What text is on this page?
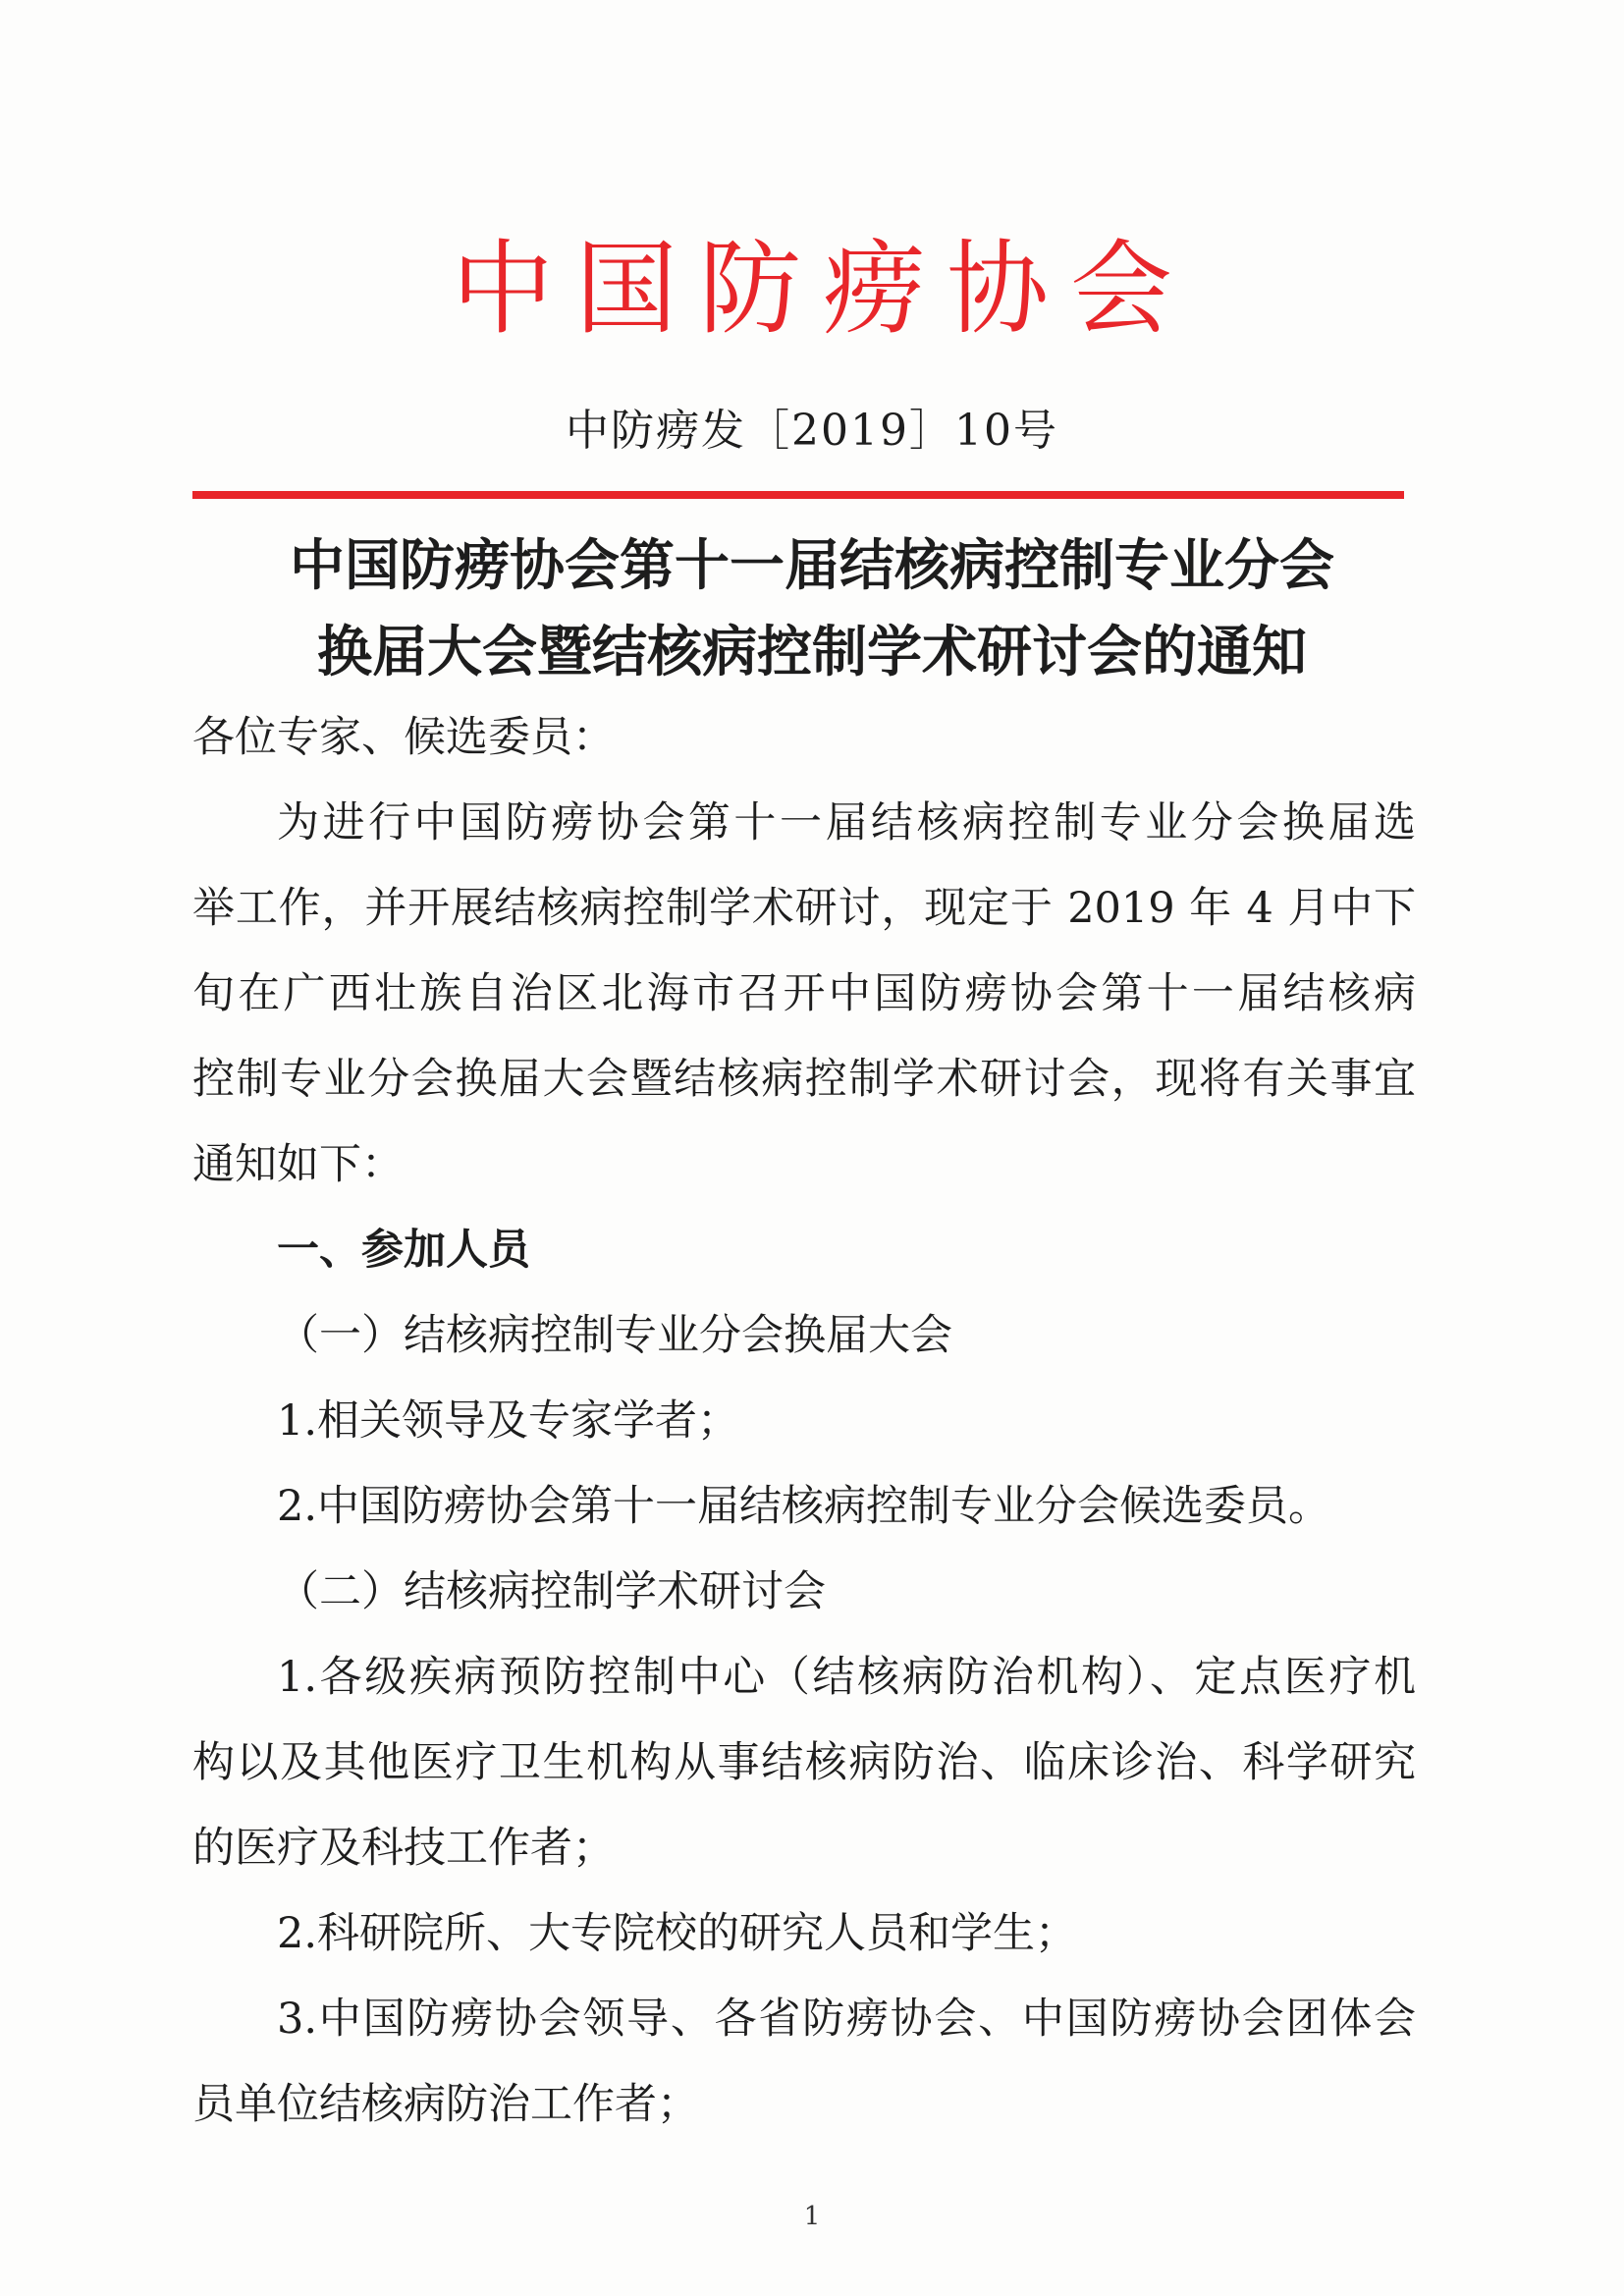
中国防痨协会
中防痨发［2019］10号
中国防痨协会第十一届结核病控制专业分会
换届大会暨结核病控制学术研讨会的通知

各位专家、候选委员：

为进行中国防痨协会第十一届结核病控制专业分会换届选

举工作，并开展结核病控制学术研讨，现定于 2019 年 4 月中下

旬在广西壮族自治区北海市召开中国防痨协会第十一届结核病

控制专业分会换届大会暨结核病控制学术研讨会，现将有关事宜

通知如下：

一、参加人员

（一）结核病控制专业分会换届大会

1.相关领导及专家学者；

2.中国防痨协会第十一届结核病控制专业分会候选委员。

（二）结核病控制学术研讨会

1.各级疾病预防控制中心（结核病防治机构）、定点医疗机

构以及其他医疗卫生机构从事结核病防治、临床诊治、科学研究

的医疗及科技工作者；

2.科研院所、大专院校的研究人员和学生；

3.中国防痨协会领导、各省防痨协会、中国防痨协会团体会

员单位结核病防治工作者；

1
